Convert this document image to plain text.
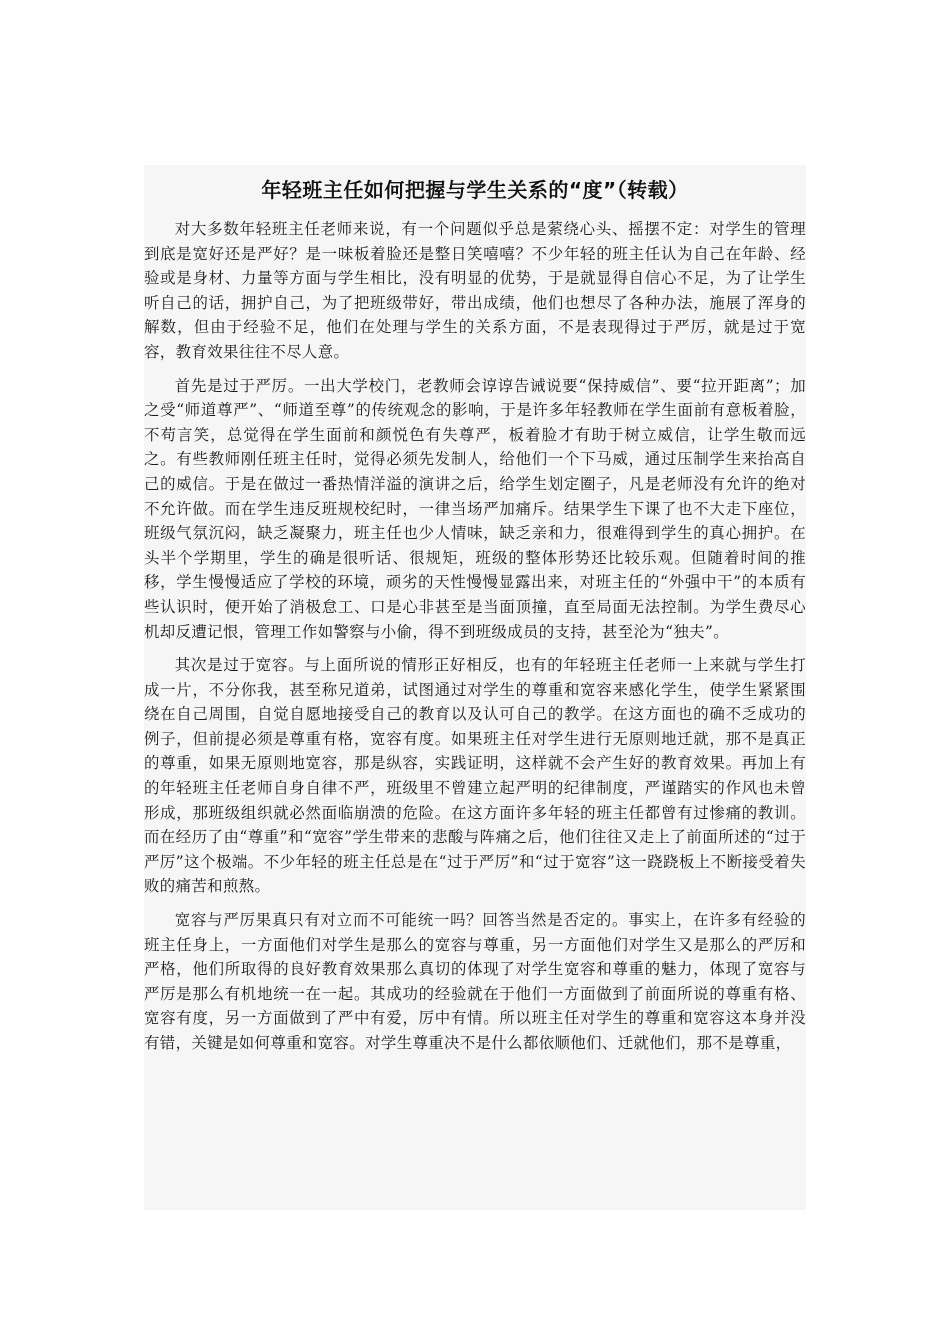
年轻班主任如何把握与学生关系的“度”（转载）

对大多数年轻班主任老师来说，有一个问题似乎总是萦绕心头、摇摆不定：对学生的管理到底是宽好还是严好？是一味板着脸还是整日笑嘻嘻？不少年轻的班主任认为自己在年龄、经验或是身材、力量等方面与学生相比，没有明显的优势，于是就显得自信心不足，为了让学生听自己的话，拥护自己，为了把班级带好，带出成绩，他们也想尽了各种办法，施展了浑身的解数，但由于经验不足，他们在处理与学生的关系方面，不是表现得过于严厉，就是过于宽容，教育效果往往不尽人意。

首先是过于严厉。一出大学校门，老教师会谆谆告诫说要“保持威信”、要“拉开距离”；加之受“师道尊严”、“师道至尊”的传统观念的影响，于是许多年轻教师在学生面前有意板着脸，不苟言笑，总觉得在学生面前和颜悦色有失尊严，板着脸才有助于树立威信，让学生敬而远之。有些教师刚任班主任时，觉得必须先发制人，给他们一个下马威，通过压制学生来抬高自己的威信。于是在做过一番热情洋溢的演讲之后，给学生划定圈子，凡是老师没有允许的绝对不允许做。而在学生违反班规校纪时，一律当场严加痛斥。结果学生下课了也不大走下座位，班级气氛沉闷，缺乏凝聚力，班主任也少人情味，缺乏亲和力，很难得到学生的真心拥护。在头半个学期里，学生的确是很听话、很规矩，班级的整体形势还比较乐观。但随着时间的推移，学生慢慢适应了学校的环境，顽劣的天性慢慢显露出来，对班主任的“外强中干”的本质有些认识时，便开始了消极怠工、口是心非甚至是当面顶撞，直至局面无法控制。为学生费尽心机却反遭记恨，管理工作如警察与小偷，得不到班级成员的支持，甚至沦为“独夫”。

其次是过于宽容。与上面所说的情形正好相反，也有的年轻班主任老师一上来就与学生打成一片，不分你我，甚至称兄道弟，试图通过对学生的尊重和宽容来感化学生，使学生紧紧围绕在自己周围，自觉自愿地接受自己的教育以及认可自己的教学。在这方面也的确不乏成功的例子，但前提必须是尊重有格，宽容有度。如果班主任对学生进行无原则地迁就，那不是真正的尊重，如果无原则地宽容，那是纵容，实践证明，这样就不会产生好的教育效果。再加上有的年轻班主任老师自身自律不严，班级里不曾建立起严明的纪律制度，严谨踏实的作风也未曾形成，那班级组织就必然面临崩溃的危险。在这方面许多年轻的班主任都曾有过惨痛的教训。而在经历了由“尊重”和“宽容”学生带来的悲酸与阵痛之后，他们往往又走上了前面所述的“过于严厉”这个极端。不少年轻的班主任总是在“过于严厉”和“过于宽容”这一跷跷板上不断接受着失败的痛苦和煎熬。

宽容与严厉果真只有对立而不可能统一吗？回答当然是否定的。事实上，在许多有经验的班主任身上，一方面他们对学生是那么的宽容与尊重，另一方面他们对学生又是那么的严厉和严格，他们所取得的良好教育效果那么真切的体现了对学生宽容和尊重的魅力，体现了宽容与严厉是那么有机地统一在一起。其成功的经验就在于他们一方面做到了前面所说的尊重有格、宽容有度，另一方面做到了严中有爱，厉中有情。所以班主任对学生的尊重和宽容这本身并没有错，关键是如何尊重和宽容。对学生尊重决不是什么都依顺他们、迁就他们，那不是尊重，
